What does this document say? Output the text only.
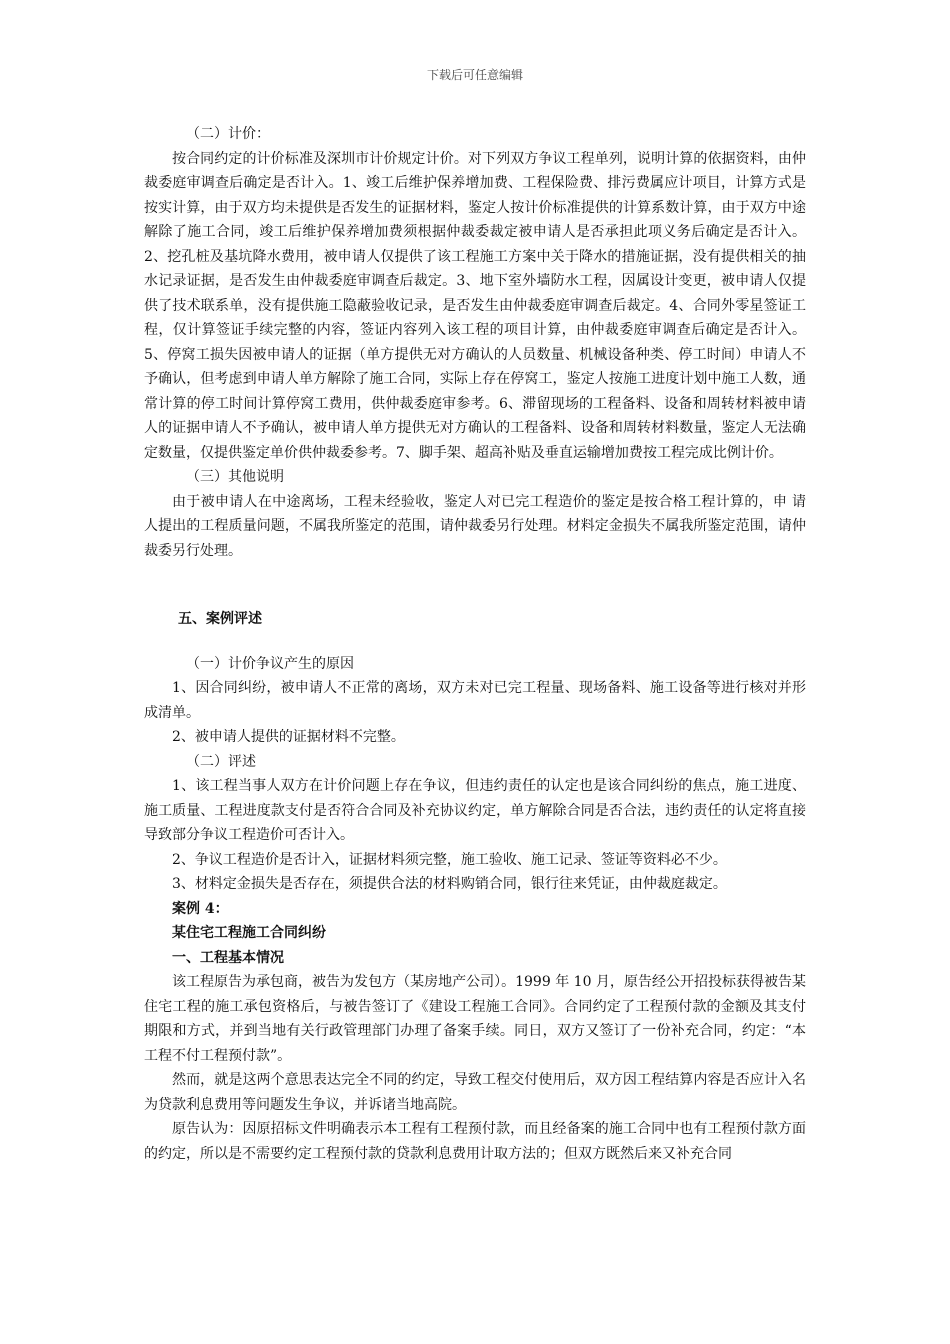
下载后可任意编辑

（二）计价：

按合同约定的计价标准及深圳市计价规定计价。对下列双方争议工程单列，说明计算的依据资料，由仲裁委庭审调查后确定是否计入。1、竣工后维护保养增加费、工程保险费、排污费属应计项目，计算方式是按实计算，由于双方均未提供是否发生的证据材料，鉴定人按计价标准提供的计算系数计算，由于双方中途解除了施工合同，竣工后维护保养增加费须根据仲裁委裁定被申请人是否承担此项义务后确定是否计入。2、挖孔桩及基坑降水费用，被申请人仅提供了该工程施工方案中关于降水的措施证据，没有提供相关的抽水记录证据，是否发生由仲裁委庭审调查后裁定。3、地下室外墙防水工程，因属设计变更，被申请人仅提供了技术联系单，没有提供施工隐蔽验收记录，是否发生由仲裁委庭审调查后裁定。4、合同外零星签证工程，仅计算签证手续完整的内容，签证内容列入该工程的项目计算，由仲裁委庭审调查后确定是否计入。5、停窝工损失因被申请人的证据（单方提供无对方确认的人员数量、机械设备种类、停工时间）申请人不予确认，但考虑到申请人单方解除了施工合同，实际上存在停窝工，鉴定人按施工进度计划中施工人数，通常计算的停工时间计算停窝工费用，供仲裁委庭审参考。6、滞留现场的工程备料、设备和周转材料被申请人的证据申请人不予确认，被申请人单方提供无对方确认的工程备料、设备和周转材料数量，鉴定人无法确定数量，仅提供鉴定单价供仲裁委参考。7、脚手架、超高补贴及垂直运输增加费按工程完成比例计价。

（三）其他说明

由于被申请人在中途离场，工程未经验收，鉴定人对已完工程造价的鉴定是按合格工程计算的，申 请人提出的工程质量问题，不属我所鉴定的范围，请仲裁委另行处理。材料定金损失不属我所鉴定范围，请仲裁委另行处理。

五、案例评述

（一）计价争议产生的原因

1、因合同纠纷，被申请人不正常的离场，双方未对已完工程量、现场备料、施工设备等进行核对并形成清单。

2、被申请人提供的证据材料不完整。

（二）评述

1、该工程当事人双方在计价问题上存在争议，但违约责任的认定也是该合同纠纷的焦点，施工进度、施工质量、工程进度款支付是否符合合同及补充协议约定，单方解除合同是否合法，违约责任的认定将直接导致部分争议工程造价可否计入。

2、争议工程造价是否计入，证据材料须完整，施工验收、施工记录、签证等资料必不少。

3、材料定金损失是否存在，须提供合法的材料购销合同，银行往来凭证，由仲裁庭裁定。

案例 4：

某住宅工程施工合同纠纷

一、工程基本情况

该工程原告为承包商，被告为发包方（某房地产公司）。1999 年 10 月，原告经公开招投标获得被告某住宅工程的施工承包资格后，与被告签订了《建设工程施工合同》。合同约定了工程预付款的金额及其支付期限和方式，并到当地有关行政管理部门办理了备案手续。同日，双方又签订了一份补充合同，约定：“本工程不付工程预付款”。

然而，就是这两个意思表达完全不同的约定，导致工程交付使用后，双方因工程结算内容是否应计入名为贷款利息费用等问题发生争议，并诉诸当地高院。

原告认为：因原招标文件明确表示本工程有工程预付款，而且经备案的施工合同中也有工程预付款方面的约定，所以是不需要约定工程预付款的贷款利息费用计取方法的；但双方既然后来又补充合同
